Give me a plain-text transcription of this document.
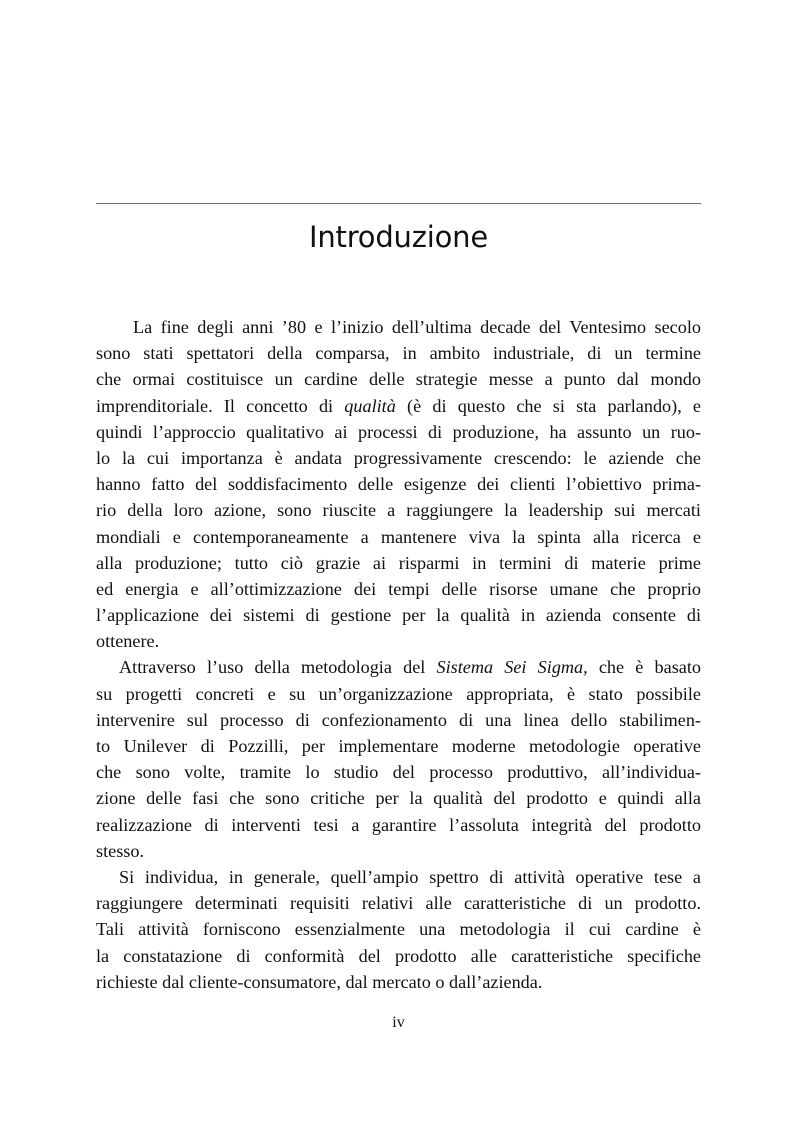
Introduzione
La fine degli anni ’80 e l’inizio dell’ultima decade del Ventesimo secolo
sono stati spettatori della comparsa, in ambito industriale, di un termine
che ormai costituisce un cardine delle strategie messe a punto dal mondo
imprenditoriale. Il concetto di qualità (è di questo che si sta parlando), e
quindi l’approccio qualitativo ai processi di produzione, ha assunto un ruo-
lo la cui importanza è andata progressivamente crescendo: le aziende che
hanno fatto del soddisfacimento delle esigenze dei clienti l’obiettivo prima-
rio della loro azione, sono riuscite a raggiungere la leadership sui mercati
mondiali e contemporaneamente a mantenere viva la spinta alla ricerca e
alla produzione; tutto ciò grazie ai risparmi in termini di materie prime
ed energia e all’ottimizzazione dei tempi delle risorse umane che proprio
l’applicazione dei sistemi di gestione per la qualità in azienda consente di
ottenere.
Attraverso l’uso della metodologia del Sistema Sei Sigma, che è basato
su progetti concreti e su un’organizzazione appropriata, è stato possibile
intervenire sul processo di confezionamento di una linea dello stabilimen-
to Unilever di Pozzilli, per implementare moderne metodologie operative
che sono volte, tramite lo studio del processo produttivo, all’individua-
zione delle fasi che sono critiche per la qualità del prodotto e quindi alla
realizzazione di interventi tesi a garantire l’assoluta integrità del prodotto
stesso.
Si individua, in generale, quell’ampio spettro di attività operative tese a
raggiungere determinati requisiti relativi alle caratteristiche di un prodotto.
Tali attività forniscono essenzialmente una metodologia il cui cardine è
la constatazione di conformità del prodotto alle caratteristiche specifiche
richieste dal cliente-consumatore, dal mercato o dall’azienda.
iv
